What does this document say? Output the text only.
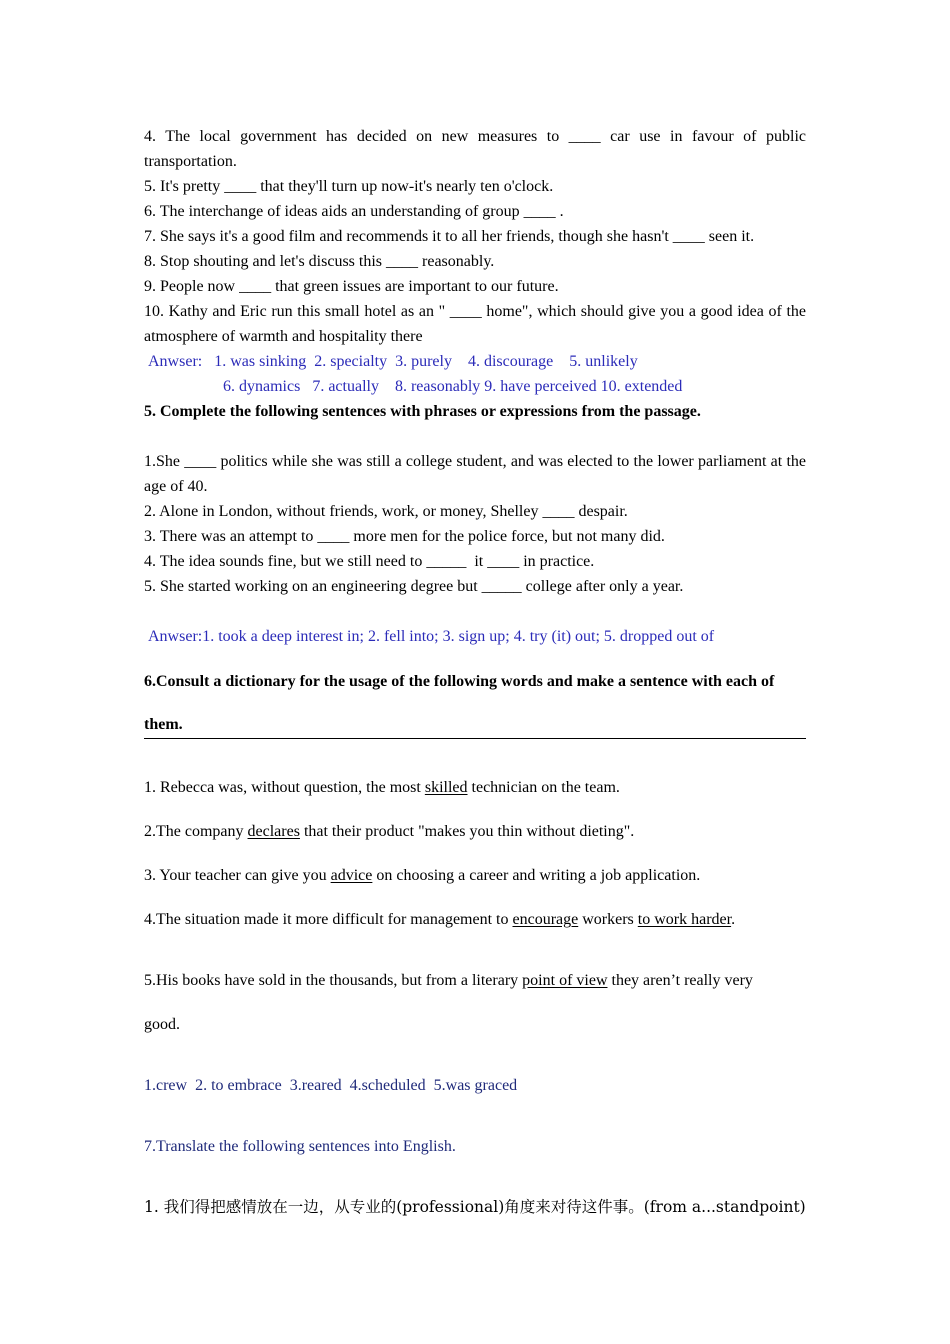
4. The local government has decided on new measures to ____ car use in favour of public transportation.

5. It's pretty ____ that they'll turn up now-it's nearly ten o'clock.

6. The interchange of ideas aids an understanding of group ____ .

7. She says it's a good film and recommends it to all her friends, though she hasn't ____ seen it.

8. Stop shouting and let's discuss this ____ reasonably.

9. People now ____ that green issues are important to our future.

10. Kathy and Eric run this small hotel as an " ____ home", which should give you a good idea of the atmosphere of warmth and hospitality there

Anwser:   1. was sinking  2. specialty  3. purely    4. discourage    5. unlikely

6. dynamics   7. actually    8. reasonably 9. have perceived 10. extended

5. Complete the following sentences with phrases or expressions from the passage.

1.She ____ politics while she was still a college student, and was elected to the lower parliament at the age of 40.

2. Alone in London, without friends, work, or money, Shelley ____ despair.

3. There was an attempt to ____ more men for the police force, but not many did.

4. The idea sounds fine, but we still need to _____  it ____ in practice.

5. She started working on an engineering degree but _____ college after only a year.

Anwser:1. took a deep interest in; 2. fell into; 3. sign up; 4. try (it) out; 5. dropped out of

6.Consult a dictionary for the usage of the following words and make a sentence with each of

them.

1. Rebecca was, without question, the most skilled technician on the team.

2.The company declares that their product "makes you thin without dieting".

3. Your teacher can give you advice on choosing a career and writing a job application.

4.The situation made it more difficult for management to encourage workers to work harder.

5.His books have sold in the thousands, but from a literary point of view they aren’t really very

good.

1.crew  2. to embrace  3.reared  4.scheduled  5.was graced

7.Translate the following sentences into English.

1. 我们得把感情放在一边，从专业的(professional)角度来对待这件事。(from a...standpoint)
